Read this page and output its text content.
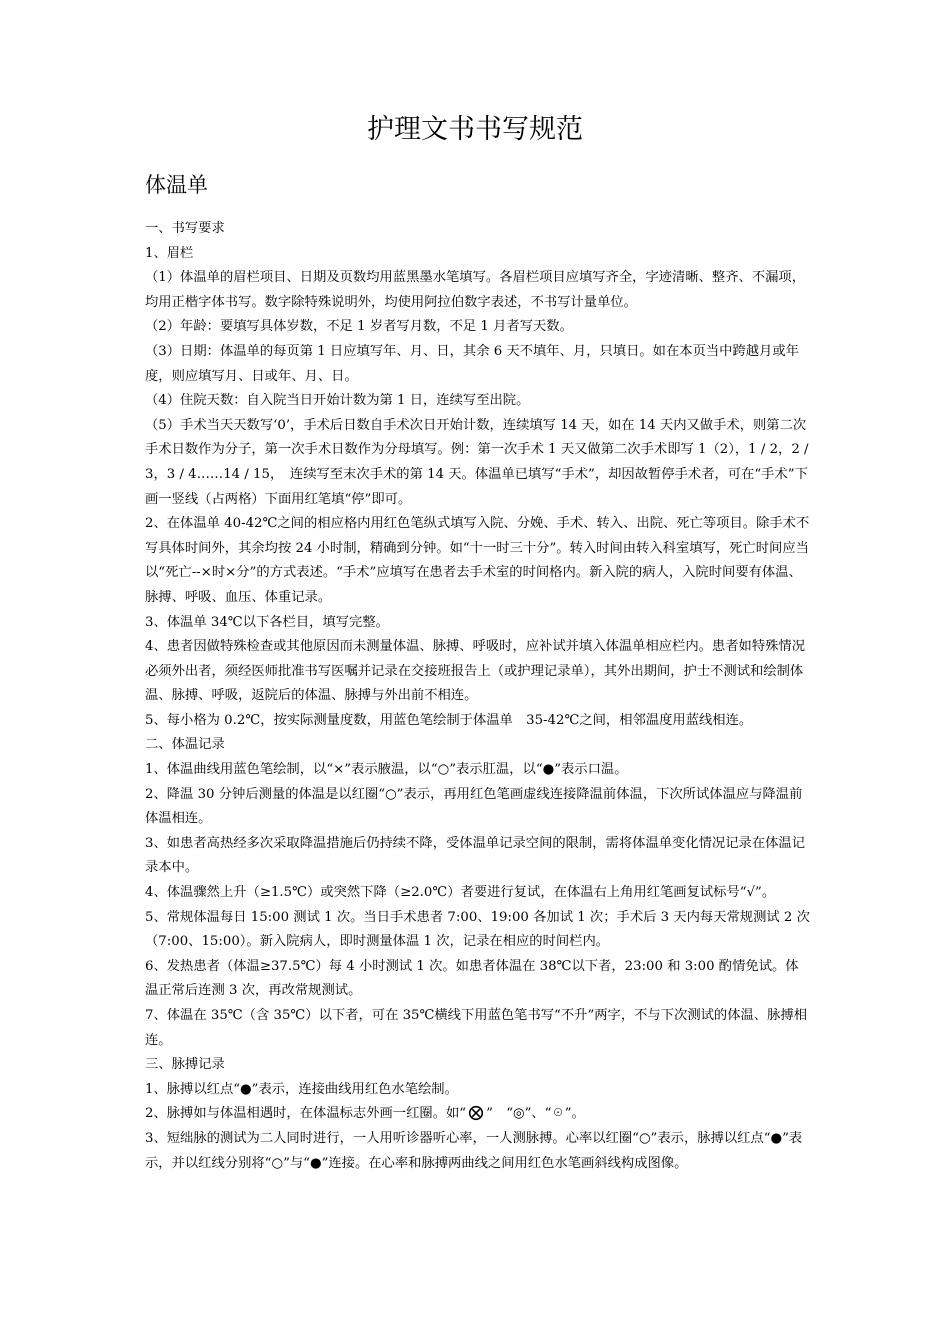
护理文书书写规范
体温单

一、书写要求

1、眉栏

（1）体温单的眉栏项目、日期及页数均用蓝黑墨水笔填写。各眉栏项目应填写齐全，字迹清晰、整齐、不漏项，均用正楷字体书写。数字除特殊说明外，均使用阿拉伯数字表述，不书写计量单位。

（2）年龄：要填写具体岁数，不足 1 岁者写月数，不足 1 月者写天数。

（3）日期：体温单的每页第 1 日应填写年、月、日，其余 6 天不填年、月，只填日。如在本页当中跨越月或年度，则应填写月、日或年、月、日。

（4）住院天数：自入院当日开始计数为第 1 日，连续写至出院。

（5）手术当天天数写‘0’，手术后日数自手术次日开始计数，连续填写 14 天，如在 14 天内又做手术，则第二次手术日数作为分子，第一次手术日数作为分母填写。例：第一次手术 1 天又做第二次手术即写 1（2），1 / 2，2 / 3，3 / 4……14 / 15，　连续写至末次手术的第 14 天。体温单已填写“手术”，却因故暂停手术者，可在“手术”下画一竖线（占两格）下面用红笔填“停”即可。

2、在体温单 40-42℃之间的相应格内用红色笔纵式填写入院、分娩、手术、转入、出院、死亡等项目。除手术不写具体时间外，其余均按 24 小时制，精确到分钟。如“十一时三十分”。转入时间由转入科室填写，死亡时间应当以“死亡--×时×分”的方式表述。“手术”应填写在患者去手术室的时间格内。新入院的病人，入院时间要有体温、脉搏、呼吸、血压、体重记录。

3、体温单 34℃以下各栏目，填写完整。

4、患者因做特殊检查或其他原因而未测量体温、脉搏、呼吸时，应补试并填入体温单相应栏内。患者如特殊情况必须外出者，须经医师批准书写医嘱并记录在交接班报告上（或护理记录单），其外出期间，护士不测试和绘制体温、脉搏、呼吸，返院后的体温、脉搏与外出前不相连。

5、每小格为 0.2℃，按实际测量度数，用蓝色笔绘制于体温单　35-42℃之间，相邻温度用蓝线相连。

二、体温记录

1、体温曲线用蓝色笔绘制，以“×”表示腋温，以“○”表示肛温，以“●”表示口温。

2、降温 30 分钟后测量的体温是以红圈“○”表示，再用红色笔画虚线连接降温前体温，下次所试体温应与降温前体温相连。

3、如患者高热经多次采取降温措施后仍持续不降，受体温单记录空间的限制，需将体温单变化情况记录在体温记录本中。

4、体温骤然上升（≥1.5℃）或突然下降（≥2.0℃）者要进行复试，在体温右上角用红笔画复试标号“√”。

5、常规体温每日 15:00 测试 1 次。当日手术患者 7:00、19:00 各加试 1 次；手术后 3 天内每天常规测试 2 次（7:00、15:00）。新入院病人，即时测量体温 1 次，记录在相应的时间栏内。

6、发热患者（体温≥37.5℃）每 4 小时测试 1 次。如患者体温在 38℃以下者，23:00 和 3:00 酌情免试。体温正常后连测 3 次，再改常规测试。

7、体温在 35℃（含 35℃）以下者，可在 35℃横线下用蓝色笔书写“不升”两字，不与下次测试的体温、脉搏相连。

三、脉搏记录

1、脉搏以红点“●”表示，连接曲线用红色水笔绘制。

2、脉搏如与体温相遇时，在体温标志外画一红圈。如“ ”　“◎”、“☉”。

3、短绌脉的测试为二人同时进行，一人用听诊器听心率，一人测脉搏。心率以红圈“○”表示，脉搏以红点“●”表示，并以红线分别将“○”与“●”连接。在心率和脉搏两曲线之间用红色水笔画斜线构成图像。
